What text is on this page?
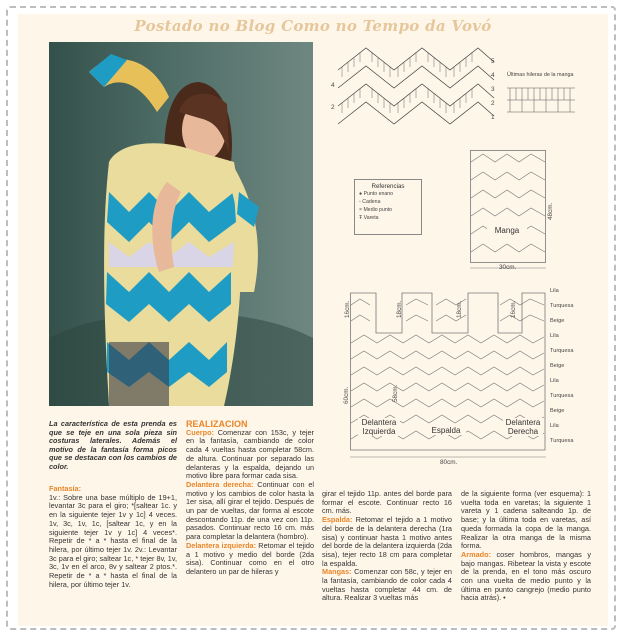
Postado no Blog Como no Tempo da Vovó
La característica de esta prenda es que se teje en una sola pieza sin costuras laterales. Además el motivo de la fantasía forma picos que se destacan con los cambios de color.

Fantasía:

1v.: Sobre una base múltiplo de 19+1, levantar 3c para el giro; *[saltear 1c. y en la siguiente tejer 1v y 1c] 4 veces. 1v, 3c, 1v, 1c, [saltear 1c, y en la siguiente tejer 1v y 1c] 4 veces*. Repetir de * a * hasta el final de la hilera, por último tejer 1v. 2v.: Levantar 3c para el giro; saltear 1c, * tejer 8v, 1v, 3c, 1v en el arco, 8v y saltear 2 ptos.*. Repetir de * a * hasta el final de la hilera, por último tejer 1v.

REALIZACION

Cuerpo: Comenzar con 153c, y tejer en la fantasía, cambiando de color cada 4 vueltas hasta completar 58cm. de altura. Continuar por separado las delanteras y la espalda, dejando un motivo libre para formar cada sisa.

Delantera derecha: Continuar con el motivo y los cambios de color hasta la 1er sisa, allí girar el tejido. Después de un par de vueltas, dar forma al escote descontando 11p. de una vez con 11p. pasados. Continuar recto 16 cm. más para completar la delantera (hombro).

Delantera izquierda: Retomar el tejido a 1 motivo y medio del borde (2da sisa). Continuar como en el otro delantero un par de hileras y

girar el tejido 11p. antes del borde para formar el escote. Continuar recto 16 cm. más.

Espalda: Retomar el tejido a 1 motivo del borde de la delantera derecha (1ra sisa) y continuar hasta 1 motivo antes del borde de la delantera izquierda (2da sisa), tejer recto 18 cm para completar la espalda.

Mangas: Comenzar con 58c, y tejer en la fantasía, cambiando de color cada 4 vueltas hasta completar 44 cm. de altura. Realizar 3 vueltas más

de la siguiente forma (ver esquema): 1 vuelta toda en varetas; la siguiente 1 vareta y 1 cadena salteando 1p. de base; y la última toda en varetas, así queda formada la copa de la manga. Realizar la otra manga de la misma forma.

Armado: coser hombros, mangas y bajo mangas. Ribetear la vista y escote de la prenda, en el tono más oscuro con una vuelta de medio punto y la última en punto cangrejo (medio punto hacia atrás). •

5
4
3
2
1
4
2
Últimas hileras de la manga
Referencias
● Punto enano
◦ Cadena
× Medio punto
Ŧ Vareta
Manga
48cm.
30cm.
16cm.	18cm.	18cm.	16cm.
60cm.	58cm.
Delantera Izquierda	Espalda
Delantera Derecha
80cm.
Lila
Turquesa
Beige
Lila
Turquesa
Beige
Lila
Turquesa
Beige
Lila
Turquesa
